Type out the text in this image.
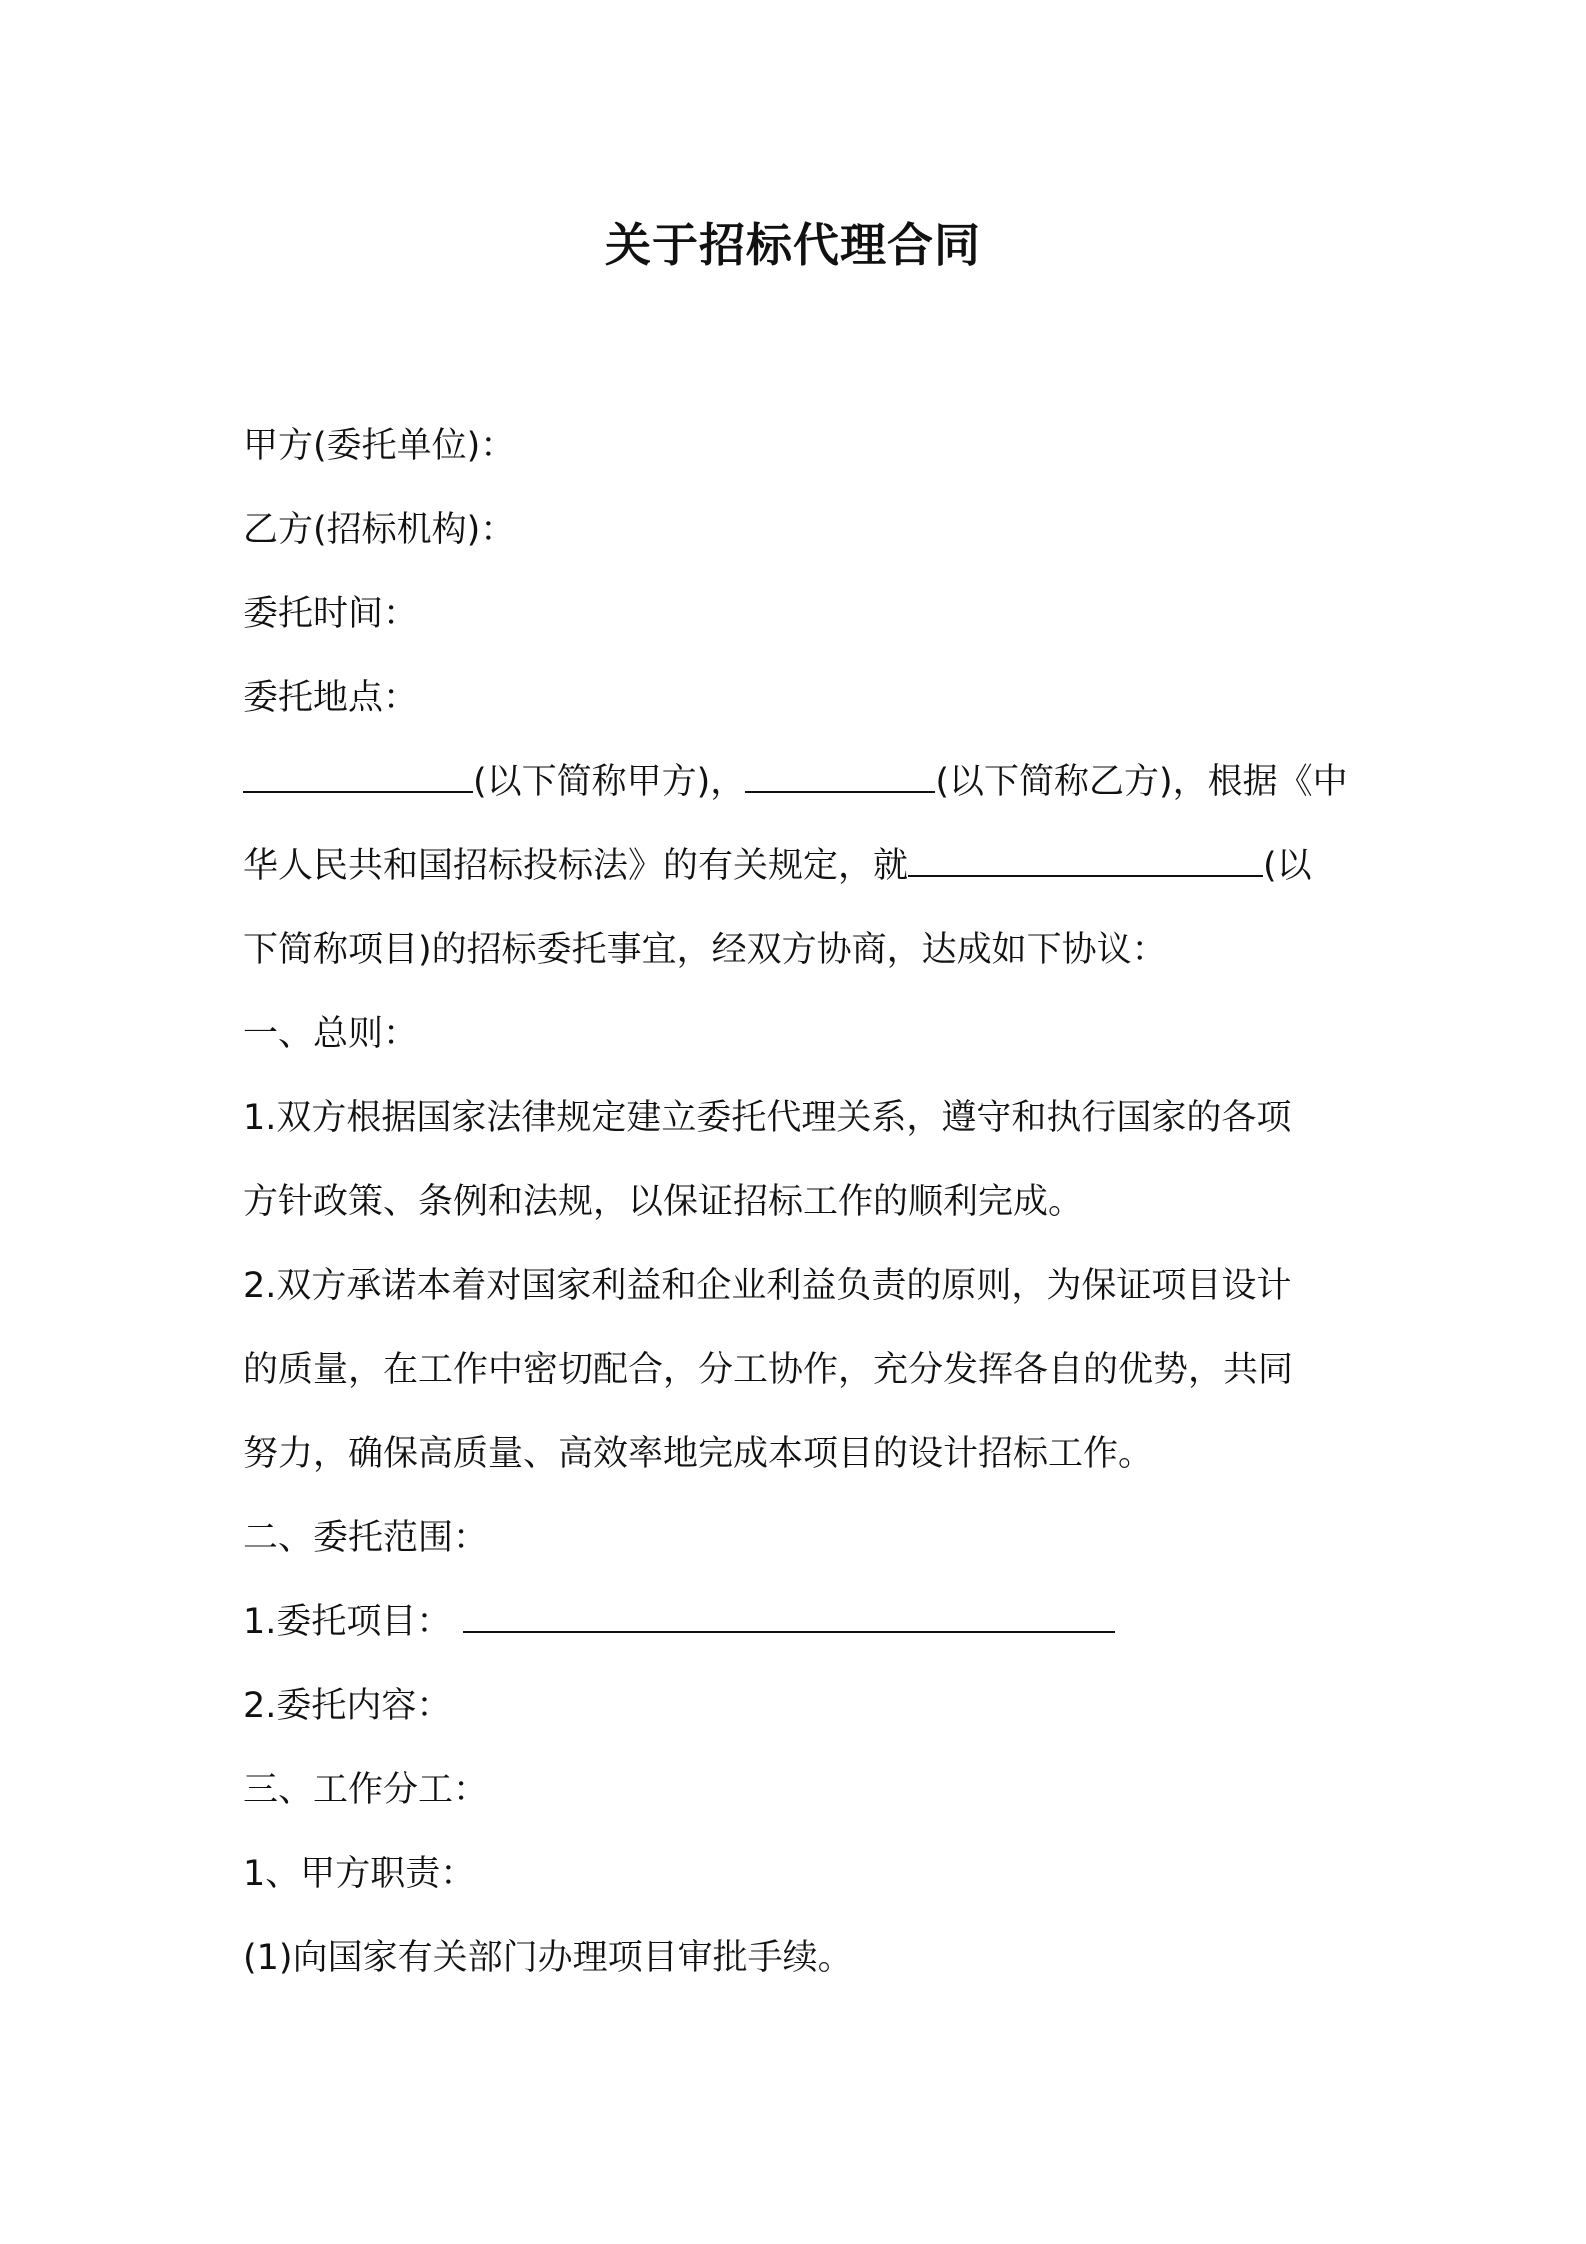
关于招标代理合同
甲方(委托单位)：
乙方(招标机构)：
委托时间：
委托地点：
(以下简称甲方)，	(以下简称乙方)，根据《中
华人民共和国招标投标法》的有关规定，就	(以
下简称项目)的招标委托事宜，经双方协商，达成如下协议：
一、总则：
1.双方根据国家法律规定建立委托代理关系，遵守和执行国家的各项
方针政策、条例和法规，以保证招标工作的顺利完成。
2.双方承诺本着对国家利益和企业利益负责的原则，为保证项目设计
的质量，在工作中密切配合，分工协作，充分发挥各自的优势，共同
努力，确保高质量、高效率地完成本项目的设计招标工作。
二、委托范围：
1.委托项目：
2.委托内容：
三、工作分工：
1、甲方职责：
(1)向国家有关部门办理项目审批手续。
